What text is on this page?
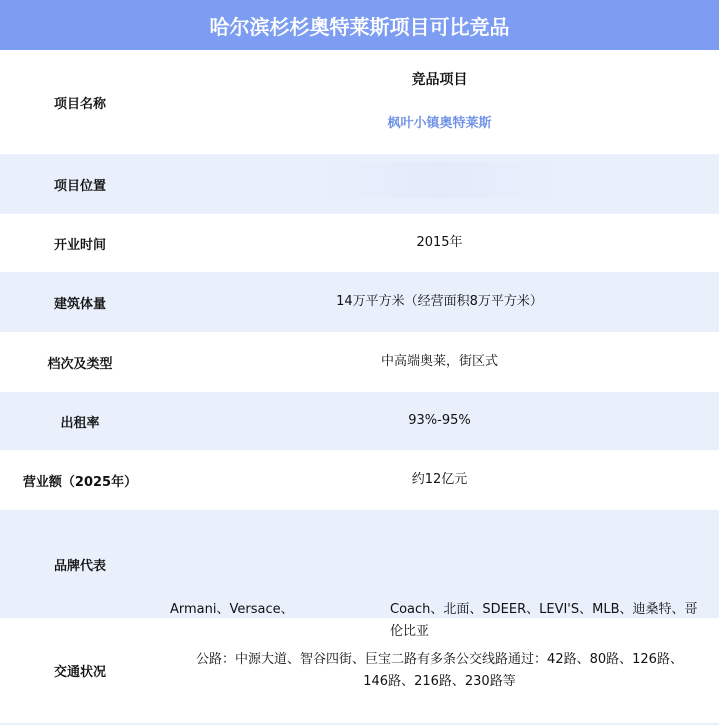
哈尔滨杉杉奥特莱斯项目可比竞品
项目名称	竞品项目
枫叶小镇奥特莱斯

项目位置	
开业时间	2015年
建筑体量	14万平方米（经营面积8万平方米）
档次及类型	中高端奥莱，街区式
出租率	93%-95%
营业额（2025年）	约12亿元
品牌代表	Armani、Versace、 Coach、北面、SDEER、LEVI'S、MLB、迪桑特、哥伦比亚

交通状况	公路：中源大道、智谷四街、巨宝二路有多条公交线路通过：42路、80路、126路、
146路、216路、230路等
